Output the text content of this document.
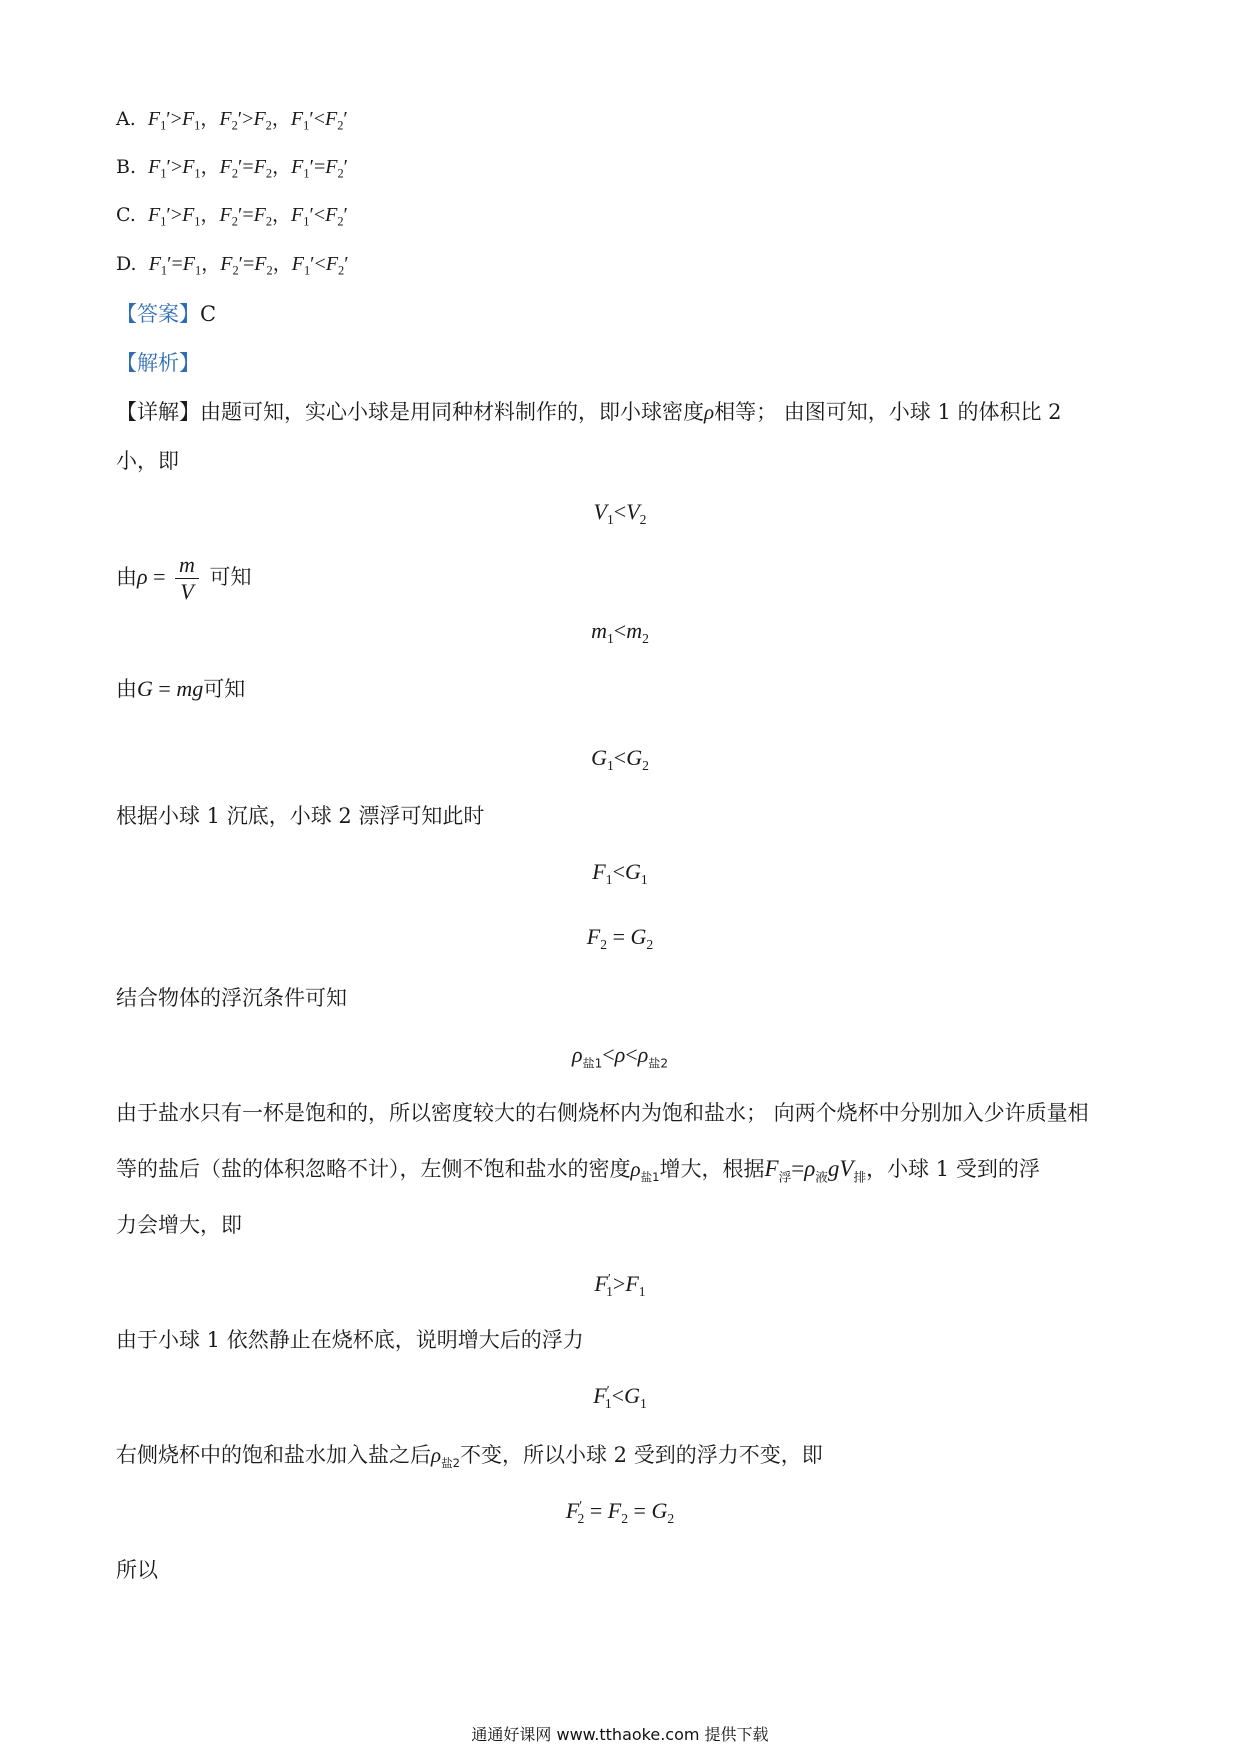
A. $F_1'>F_1$，$F_2'>F_2$，$F_1'<F_2'$
B. $F_1'>F_1$，$F_2'=F_2$，$F_1'=F_2'$
C. $F_1'>F_1$，$F_2'=F_2$，$F_1'<F_2'$
D. $F_1'=F_1$，$F_2'=F_2$，$F_1'<F_2'$
【答案】C
【解析】
【详解】由题可知，实心小球是用同种材料制作的，即小球密度ρ相等； 由图可知，小球 1 的体积比 2
小，即
$V_1<V_2$
由$\rho = \frac{m}{V}$ 可知
$m_1<m_2$
由G = mg可知
$G_1<G_2$
根据小球 1 沉底，小球 2 漂浮可知此时
$F_1<G_1$
$F_2 = G_2$
结合物体的浮沉条件可知
$\rho_{盐1}<\rho<\rho_{盐2}$
由于盐水只有一杯是饱和的，所以密度较大的右侧烧杯内为饱和盐水； 向两个烧杯中分别加入少许质量相
等的盐后（盐的体积忽略不计），左侧不饱和盐水的密度$\rho_{盐1}$增大，根据$F_浮=\rho_液gV_排$，小球 1 受到的浮
力会增大，即
$F'_1>F_1$
由于小球 1 依然静止在烧杯底，说明增大后的浮力
$F'_1<G_1$
右侧烧杯中的饱和盐水加入盐之后$\rho_{盐2}$不变，所以小球 2 受到的浮力不变，即
$F'_2 = F_2 = G_2$
所以
通通好课网 www.tthaoke.com 提供下载
